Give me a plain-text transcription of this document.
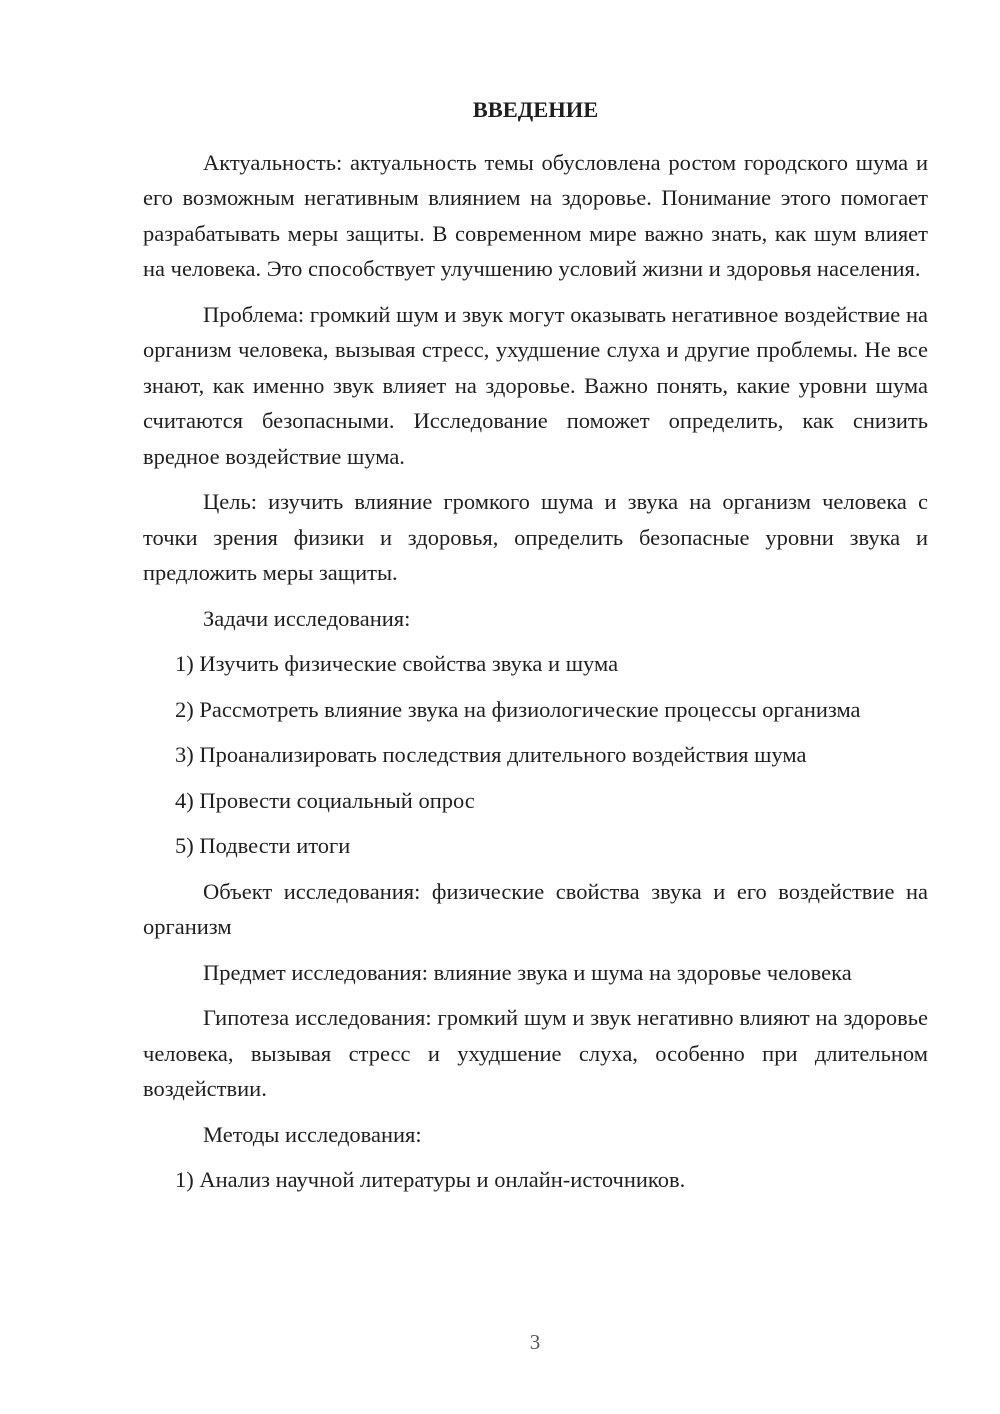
ВВЕДЕНИЕ

Актуальность: актуальность темы обусловлена ростом городского шума и его возможным негативным влиянием на здоровье. Понимание этого помогает разрабатывать меры защиты. В современном мире важно знать, как шум влияет на человека. Это способствует улучшению условий жизни и здоровья населения.

Проблема: громкий шум и звук могут оказывать негативное воздействие на организм человека, вызывая стресс, ухудшение слуха и другие проблемы. Не все знают, как именно звук влияет на здоровье. Важно понять, какие уровни шума считаются безопасными. Исследование поможет определить, как снизить вредное воздействие шума.

Цель: изучить влияние громкого шума и звука на организм человека с точки зрения физики и здоровья, определить безопасные уровни звука и предложить меры защиты.

Задачи исследования:

1) Изучить физические свойства звука и шума

2) Рассмотреть влияние звука на физиологические процессы организма

3) Проанализировать последствия длительного воздействия шума

4) Провести социальный опрос

5) Подвести итоги

Объект исследования: физические свойства звука и его воздействие на организм

Предмет исследования: влияние звука и шума на здоровье человека

Гипотеза исследования: громкий шум и звук негативно влияют на здоровье человека, вызывая стресс и ухудшение слуха, особенно при длительном воздействии.

Методы исследования:

1) Анализ научной литературы и онлайн-источников.

3
